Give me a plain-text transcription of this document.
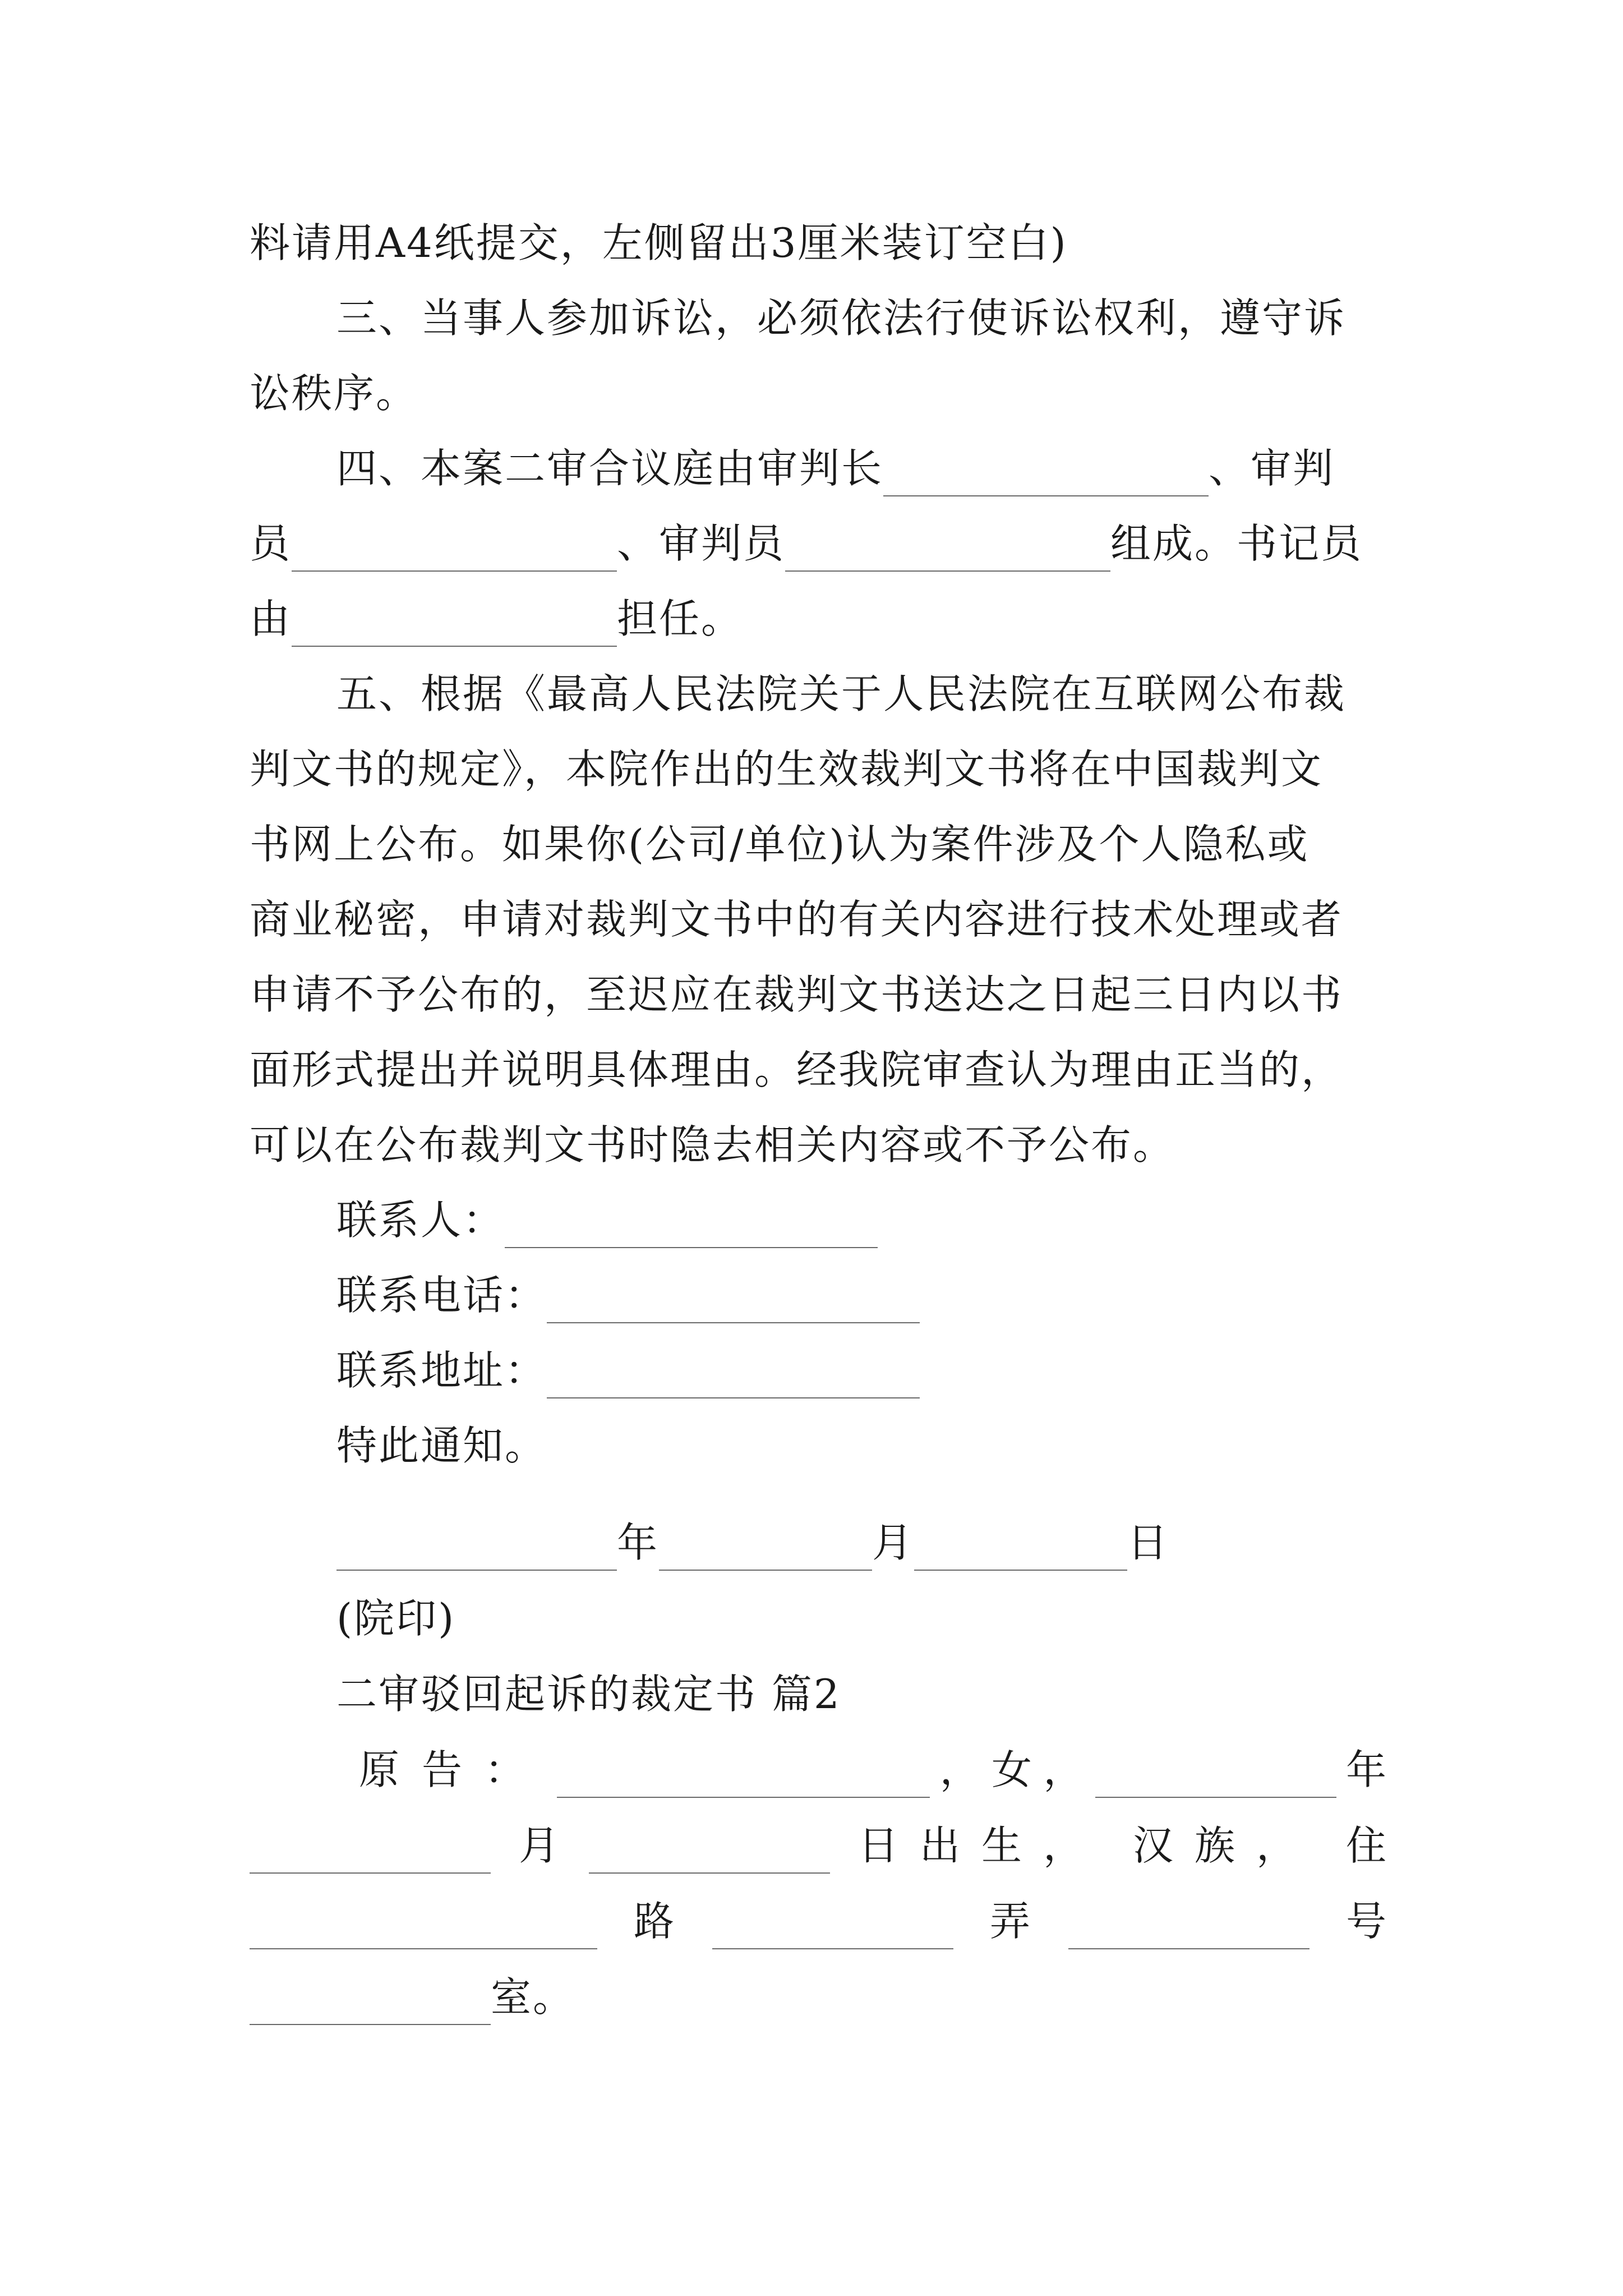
料请用A4纸提交，左侧留出3厘米装订空白)
三、当事人参加诉讼，必须依法行使诉讼权利，遵守诉
讼秩序。
四、本案二审合议庭由审判长	、审判
员	、审判员	组成。书记员
由	担任。
五、根据《最高人民法院关于人民法院在互联网公布裁
判文书的规定》，本院作出的生效裁判文书将在中国裁判文
书网上公布。如果你(公司/单位)认为案件涉及个人隐私或
商业秘密，申请对裁判文书中的有关内容进行技术处理或者
申请不予公布的，至迟应在裁判文书送达之日起三日内以书
面形式提出并说明具体理由。经我院审查认为理由正当的，
可以在公布裁判文书时隐去相关内容或不予公布。
联系人：
联系电话：
联系地址：
特此通知。
年	月	日
(院印)
二审驳回起诉的裁定书 篇2
原告：	， 女 ，	年
月	日出生， 汉族， 住
路	弄	号
室。
